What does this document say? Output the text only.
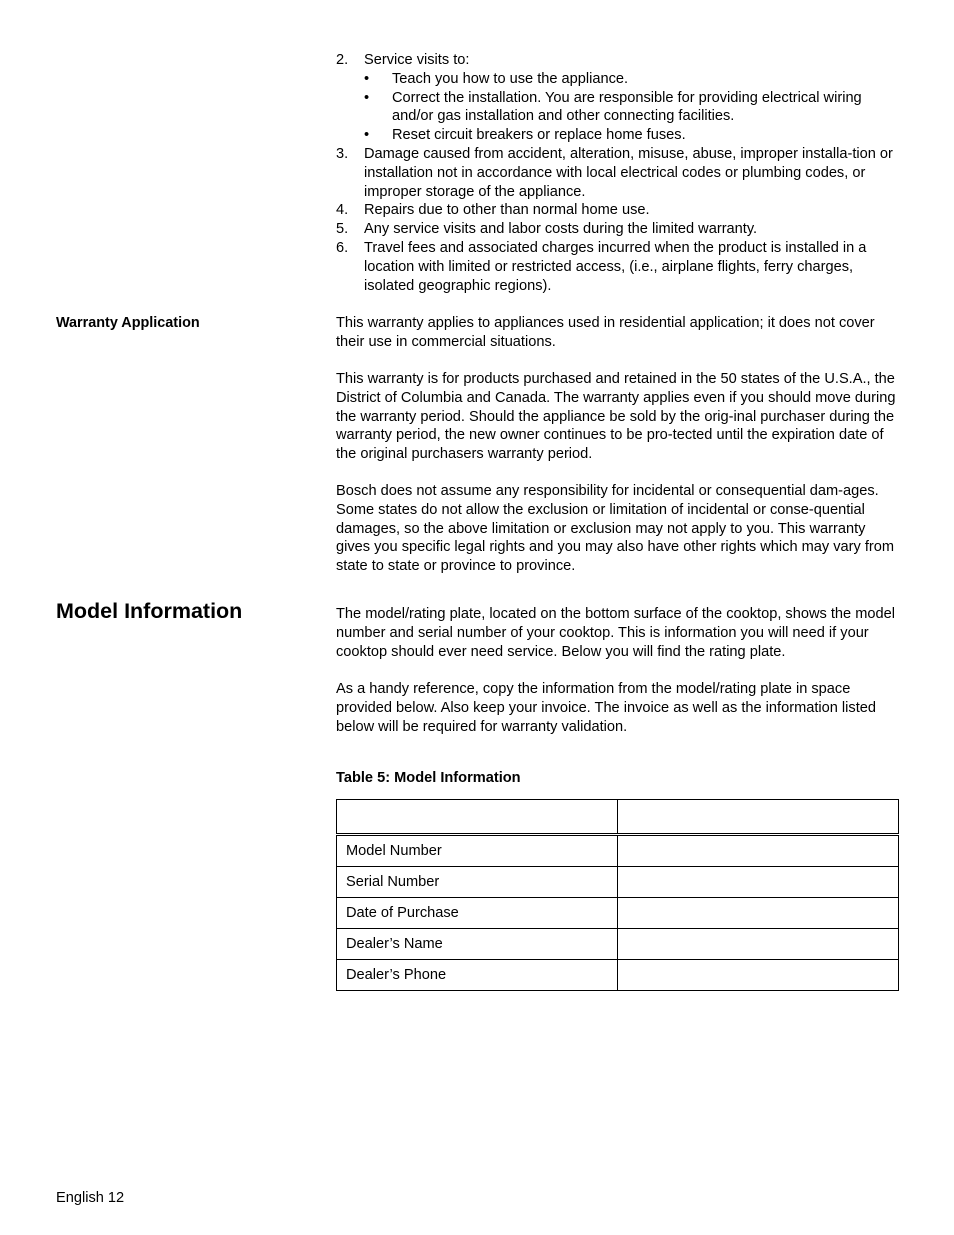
2. Service visits to:
• Teach you how to use the appliance.
• Correct the installation. You are responsible for providing electrical wiring and/or gas installation and other connecting facilities.
• Reset circuit breakers or replace home fuses.
3. Damage caused from accident, alteration, misuse, abuse, improper installa-tion or installation not in accordance with local electrical codes or plumbing codes, or improper storage of the appliance.
4. Repairs due to other than normal home use.
5. Any service visits and labor costs during the limited warranty.
6. Travel fees and associated charges incurred when the product is installed in a location with limited or restricted access, (i.e., airplane flights, ferry charges, isolated geographic regions).
Warranty Application	This warranty applies to appliances used in residential application; it does not cover their use in commercial situations.

This warranty is for products purchased and retained in the 50 states of the U.S.A., the District of Columbia and Canada. The warranty applies even if you should move during the warranty period. Should the appliance be sold by the orig-inal purchaser during the warranty period, the new owner continues to be pro-tected until the expiration date of the original purchasers warranty period.

Bosch does not assume any responsibility for incidental or consequential dam-ages. Some states do not allow the exclusion or limitation of incidental or conse-quential damages, so the above limitation or exclusion may not apply to you. This warranty gives you specific legal rights and you may also have other rights which may vary from state to state or province to province.

Model Information	The model/rating plate, located on the bottom surface of the cooktop, shows the model number and serial number of your cooktop. This is information you will need if your cooktop should ever need service. Below you will find the rating plate.

As a handy reference, copy the information from the model/rating plate in space provided below. Also keep your invoice. The invoice as well as the information listed below will be required for warranty validation.

Table 5: Model Information

Model Number	
Serial Number	
Date of Purchase	
Dealer’s Name	
Dealer’s Phone	
English 12
